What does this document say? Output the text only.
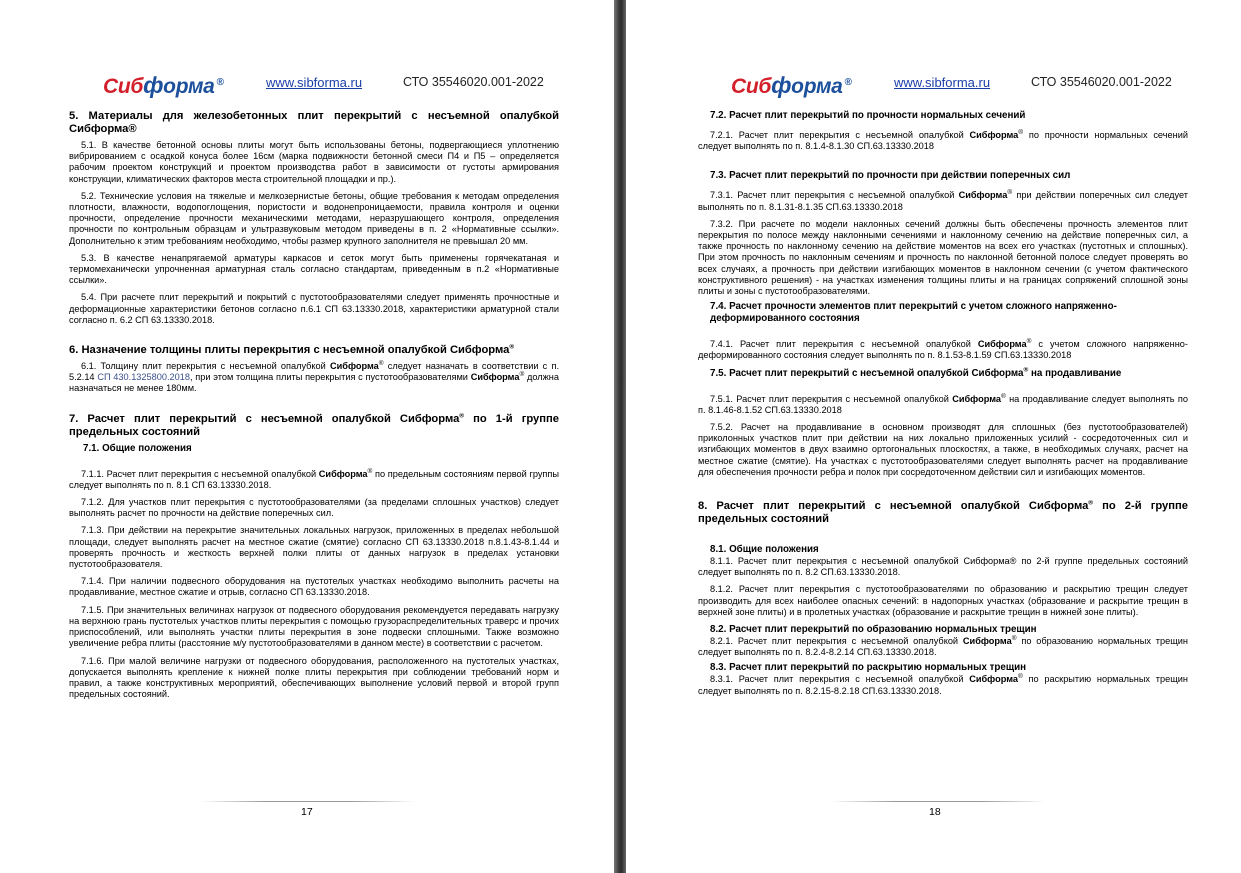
Сибформа ®	www.sibforma.ru	СТО 35546020.001-2022
5. Материалы для железобетонных плит перекрытий с несъемной опалубкой Сибформа®

5.1. В качестве бетонной основы плиты могут быть использованы бетоны, подвергающиеся уплотнению вибрированием с осадкой конуса более 16см (марка подвижности бетонной смеси П4 и П5 – определяется рабочим проектом конструкций и проектом производства работ в зависимости от густоты армирования конструкции, климатических факторов места строительной площадки и пр.).

5.2. Технические условия на тяжелые и мелкозернистые бетоны, общие требования к методам определения плотности, влажности, водопоглощения, пористости и водонепроницаемости, правила контроля и оценки прочности, определение прочности механическими методами, неразрушающего контроля, определения прочности по контрольным образцам и ультразвуковым методом приведены в п. 2 «Нормативные ссылки». Дополнительно к этим требованиям необходимо, чтобы размер крупного заполнителя не превышал 20 мм.

5.3. В качестве ненапрягаемой арматуры каркасов и сеток могут быть применены горячекатаная и термомеханически упрочненная арматурная сталь согласно стандартам, приведенным в п.2 «Нормативные ссылки».

5.4. При расчете плит перекрытий и покрытий с пустотообразователями следует применять прочностные и деформационные характеристики бетонов согласно п.6.1 СП 63.13330.2018, характеристики арматурной стали согласно п. 6.2 СП 63.13330.2018.

6. Назначение толщины плиты перекрытия с несъемной опалубкой Сибформа®

6.1. Толщину плит перекрытия с несъемной опалубкой Сибформа® следует назначать в соответствии с п. 5.2.14 СП 430.1325800.2018, при этом толщина плиты перекрытия с пустотообразователями Сибформа® должна назначаться не менее 180мм.

7. Расчет плит перекрытий с несъемной опалубкой Сибформа® по 1-й группе предельных состояний
7.1. Общие положения

7.1.1. Расчет плит перекрытия с несъемной опалубкой Сибформа® по предельным состояниям первой группы следует выполнять по п. 8.1 СП 63.13330.2018.

7.1.2. Для участков плит перекрытия с пустотообразователями (за пределами сплошных участков) следует выполнять расчет по прочности на действие поперечных сил.

7.1.3. При действии на перекрытие значительных локальных нагрузок, приложенных в пределах небольшой площади, следует выполнять расчет на местное сжатие (смятие) согласно СП 63.13330.2018 п.8.1.43-8.1.44 и проверять прочность и жесткость верхней полки плиты от данных нагрузок в пределах установки пустотообразователя.

7.1.4. При наличии подвесного оборудования на пустотелых участках необходимо выполнить расчеты на продавливание, местное сжатие и отрыв, согласно СП 63.13330.2018.

7.1.5. При значительных величинах нагрузок от подвесного оборудования рекомендуется передавать нагрузку на верхнюю грань пустотелых участков плиты перекрытия с помощью грузораспределительных траверс и прочих приспособлений, или выполнять участки плиты перекрытия в зоне подвески сплошными. Также возможно увеличение ребра плиты (расстояние м/у пустотообразователями в данном месте) в соответствии с расчетом.

7.1.6. При малой величине нагрузки от подвесного оборудования, расположенного на пустотелых участках, допускается выполнять крепление к нижней полке плиты перекрытия при соблюдении требований норм и правил, а также конструктивных мероприятий, обеспечивающих выполнение условий первой и второй групп предельных состояний.

17
Сибформа ®	www.sibforma.ru	СТО 35546020.001-2022
7.2. Расчет плит перекрытий по прочности нормальных сечений

7.2.1. Расчет плит перекрытия с несъемной опалубкой Сибформа® по прочности нормальных сечений следует выполнять по п. 8.1.4-8.1.30 СП.63.13330.2018

7.3. Расчет плит перекрытий по прочности при действии поперечных сил

7.3.1. Расчет плит перекрытия с несъемной опалубкой Сибформа® при действии поперечных сил следует выполнять по п. 8.1.31-8.1.35 СП.63.13330.2018

7.3.2. При расчете по модели наклонных сечений должны быть обеспечены прочность элементов плит перекрытия по полосе между наклонными сечениями и наклонному сечению на действие поперечных сил, а также прочность по наклонному сечению на действие моментов на всех его участках (пустотных и сплошных). При этом прочность по наклонным сечениям и прочность по наклонной бетонной полосе следует проверять во всех случаях, а прочность при действии изгибающих моментов в наклонном сечении (с учетом фактического конструктивного решения) - на участках изменения толщины плиты и на границах сопряжений сплошной зоны плиты и зоны с пустотообразователями.

7.4. Расчет прочности элементов плит перекрытий с учетом сложного напряженно-деформированного состояния

7.4.1. Расчет плит перекрытия с несъемной опалубкой Сибформа® с учетом сложного напряженно-деформированного состояния следует выполнять по п. 8.1.53-8.1.59 СП.63.13330.2018

7.5. Расчет плит перекрытий с несъемной опалубкой Сибформа® на продавливание

7.5.1. Расчет плит перекрытия с несъемной опалубкой Сибформа® на продавливание следует выполнять по п. 8.1.46-8.1.52 СП.63.13330.2018

7.5.2. Расчет на продавливание в основном производят для сплошных (без пустотообразователей) приколонных участков плит при действии на них локально приложенных усилий - сосредоточенных сил и изгибающих моментов в двух взаимно ортогональных плоскостях, а также, в необходимых случаях, расчет на местное сжатие (смятие). На участках с пустотообразователями следует выполнять расчет на продавливание для обеспечения прочности ребра и полок при сосредоточенном действии сил и изгибающих моментов.

8. Расчет плит перекрытий с несъемной опалубкой Сибформа® по 2-й группе предельных состояний
8.1. Общие положения

8.1.1. Расчет плит перекрытия с несъемной опалубкой Сибформа® по 2-й группе предельных состояний следует выполнять по п. 8.2 СП.63.13330.2018.

8.1.2. Расчет плит перекрытия с пустотообразователями по образованию и раскрытию трещин следует производить для всех наиболее опасных сечений: в надопорных участках (образование и раскрытие трещин в верхней зоне плиты) и в пролетных участках (образование и раскрытие трещин в нижней зоне плиты).

8.2. Расчет плит перекрытий по образованию нормальных трещин

8.2.1. Расчет плит перекрытия с несъемной опалубкой Сибформа® по образованию нормальных трещин следует выполнять по п. 8.2.4-8.2.14 СП.63.13330.2018.

8.3. Расчет плит перекрытий по раскрытию нормальных трещин

8.3.1. Расчет плит перекрытия с несъемной опалубкой Сибформа® по раскрытию нормальных трещин следует выполнять по п. 8.2.15-8.2.18 СП.63.13330.2018.

18
